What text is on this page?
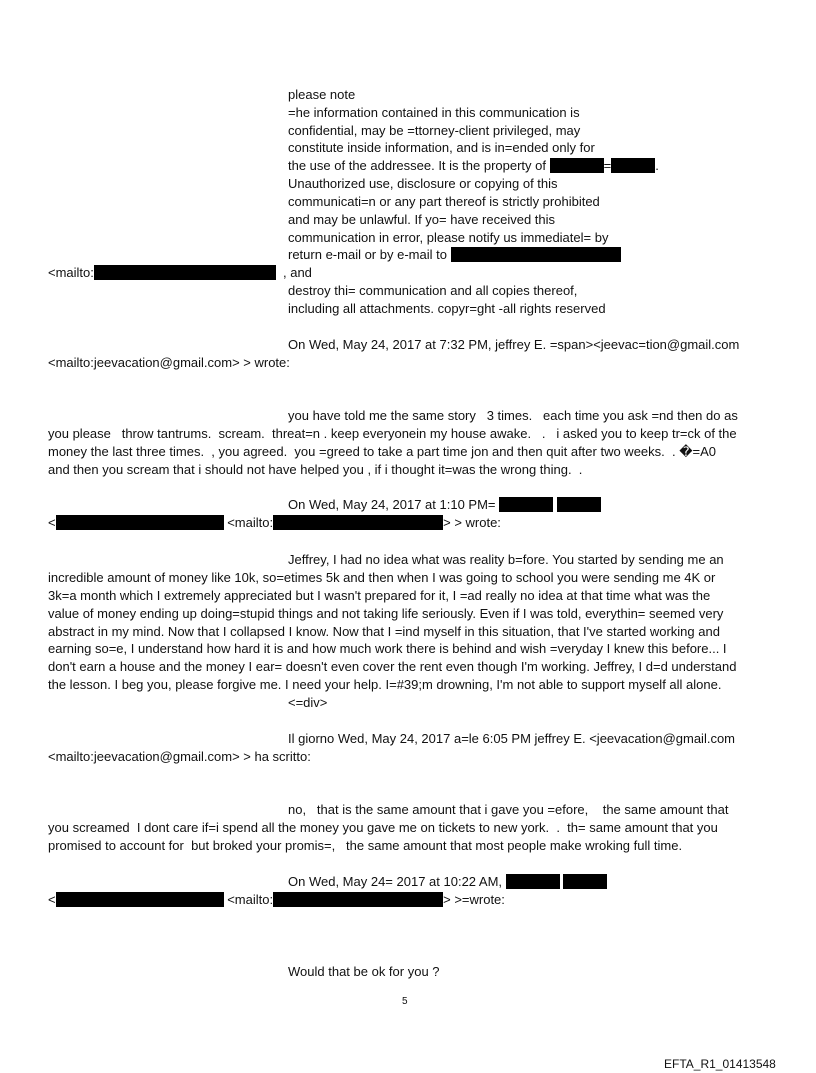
please note
=he information contained in this communication is
confidential, may be =ttorney-client privileged, may
constitute inside information, and is in=ended only for
the use of the addressee. It is the property of	=	.
Unauthorized use, disclosure or copying of this
communicati=n or any part thereof is strictly prohibited
and may be unlawful. If yo= have received this
communication in error, please notify us immediatel= by
return e-mail or by e-mail to
<mailto:	, and
destroy thi= communication and all copies thereof,
including all attachments. copyr=ght -all rights reserved
On Wed, May 24, 2017 at 7:32 PM, jeffrey E. =span><jeevac=tion@gmail.com
<mailto:jeevacation@gmail.com> > wrote:
you have told me the same story   3 times.   each time you ask =nd then do as
you please   throw tantrums.  scream.  threat=n . keep everyonein my house awake.   .   i asked you to keep tr=ck of the
money the last three times.  , you agreed.  you =greed to take a part time jon and then quit after two weeks.  . �=A0
and then you scream that i should not have helped you , if i thought it=was the wrong thing.  .
On Wed, May 24, 2017 at 1:10 PM=
<	<mailto:	> > wrote:
Jeffrey, I had no idea what was reality b=fore. You started by sending me an
incredible amount of money like 10k, so=etimes 5k and then when I was going to school you were sending me 4K or
3k=a month which I extremely appreciated but I wasn't prepared for it, I =ad really no idea at that time what was the
value of money ending up doing=stupid things and not taking life seriously. Even if I was told, everythin= seemed very
abstract in my mind. Now that I collapsed I know. Now that I =ind myself in this situation, that I've started working and
earning so=e, I understand how hard it is and how much work there is behind and wish =veryday I knew this before... I
don't earn a house and the money I ear= doesn't even cover the rent even though I'm working. Jeffrey, I d=d understand
the lesson. I beg you, please forgive me. I need your help. I=#39;m drowning, I'm not able to support myself all alone.
<=div>
Il giorno Wed, May 24, 2017 a=le 6:05 PM jeffrey E. <jeevacation@gmail.com
<mailto:jeevacation@gmail.com> > ha scritto:
no,   that is the same amount that i gave you =efore,    the same amount that
you screamed  I dont care if=i spend all the money you gave me on tickets to new york.  .  th= same amount that you
promised to account for  but broked your promis=,   the same amount that most people make wroking full time.
On Wed, May 24= 2017 at 10:22 AM,
<	<mailto:	> >=wrote:
Would that be ok for you ?
5
EFTA_R1_01413548
